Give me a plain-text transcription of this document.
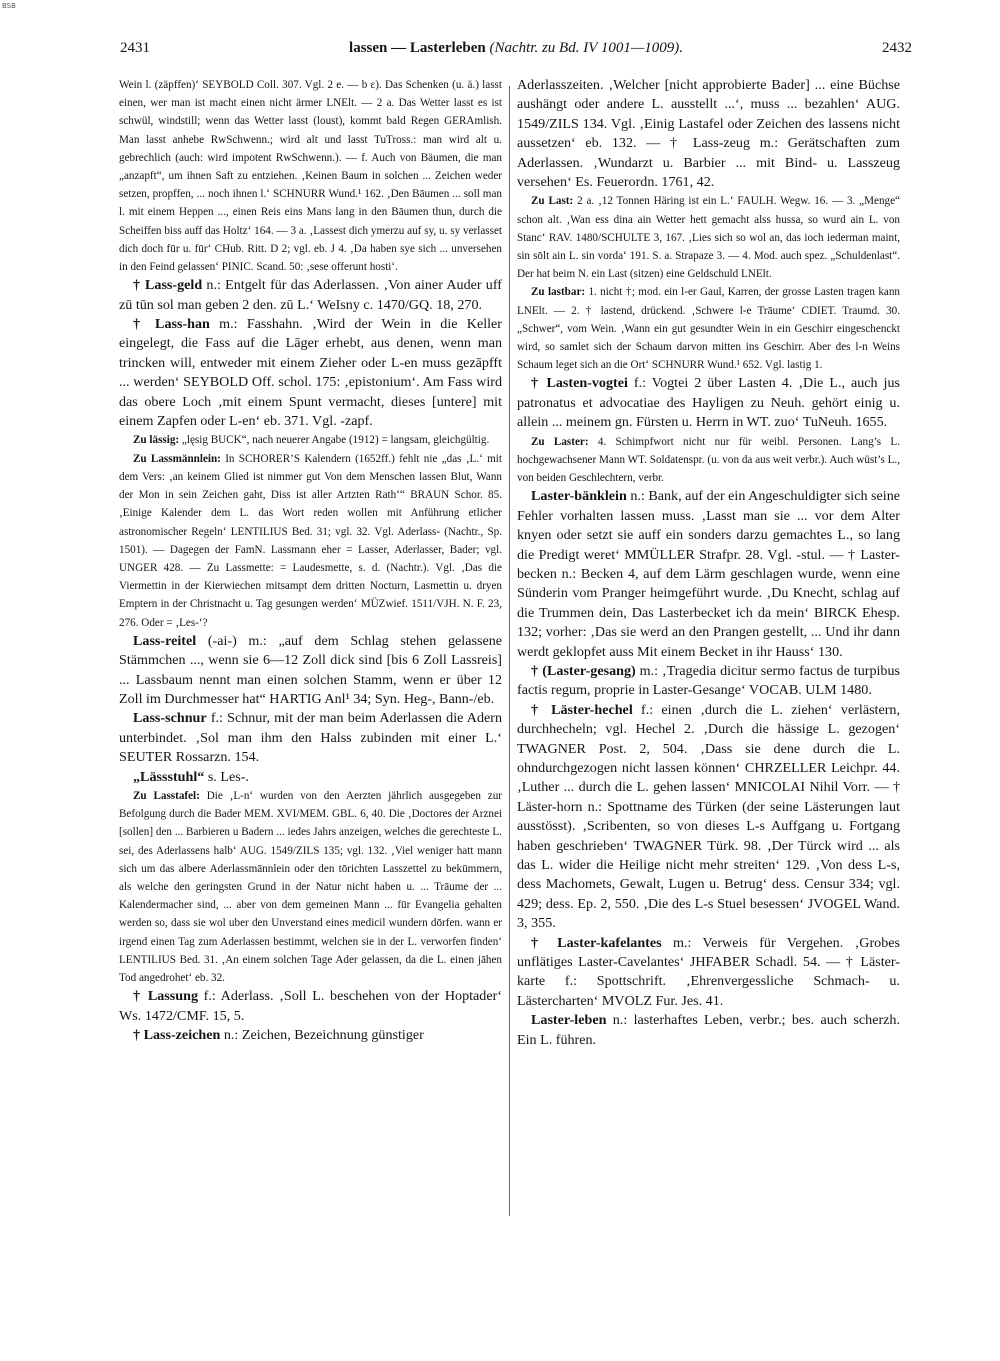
BSB
2431	lassen — Lasterleben (Nachtr. zu Bd. IV 1001—1009).	2432

Wein l. (zäpffen)‘ SEYBOLD Coll. 307. Vgl. 2 e. — b ε). Das Schenken (u. ä.) lasst einen, wer man ist macht einen nicht ärmer LNElt. — 2 a. Das Wetter lasst es ist schwül, windstill; wenn das Wetter lasst (loust), kommt bald Regen GERAmlish. Man lasst anhebe RwSchwenn.; wird alt und lasst TuTross.: man wird alt u. gebrechlich (auch: wird impotent RwSchwenn.). — f. Auch von Bäumen, die man „anzapft“, um ihnen Saft zu entziehen. ‚Keinen Baum in solchen ... Zeichen weder setzen, propffen, ... noch ihnen l.‘ SCHNURR Wund.¹ 162. ‚Den Bāumen ... soll man l. mit einem Heppen ..., einen Reis eins Mans lang in den Bāumen thun, durch die Scheiffen biss auff das Holtz‘ 164. — 3 a. ‚Lassest dich ymerzu auf sy, u. sy verlasset dich doch fūr u. fūr‘ CHub. Ritt. D 2; vgl. eb. J 4. ‚Da haben sye sich ... unversehen in den Feind gelassen‘ PINIC. Scand. 50: ‚sese offerunt hosti‘.

† Lass-geld n.: Entgelt für das Aderlassen. ‚Von ainer Auder uff zū tūn sol man geben 2 den. zū L.‘ WeIsny c. 1470/GQ. 18, 270.

† Lass-han m.: Fasshahn. ‚Wird der Wein in die Keller eingelegt, die Fass auf die Lāger erhebt, aus denen, wenn man trincken will, entweder mit einem Zieher oder L-en muss gezāpfft ... werden‘ SEYBOLD Off. schol. 175: ‚epistonium‘. Am Fass wird das obere Loch ‚mit einem Spunt vermacht, dieses [untere] mit einem Zapfen oder L-en‘ eb. 371. Vgl. -zapf.

Zu lässig: „lęsig BUCK“, nach neuerer Angabe (1912) = langsam, gleichgültig.

Zu Lassmännlein: In SCHORER’S Kalendern (1652ff.) fehlt nie „das ‚L.‘ mit dem Vers: ‚an keinem Glied ist nimmer gut Von dem Menschen lassen Blut, Wann der Mon in sein Zeichen gaht, Diss ist aller Artzten Rath‘“ BRAUN Schor. 85. ‚Einige Kalender dem L. das Wort reden wollen mit Anführung etlicher astronomischer Regeln‘ LENTILIUS Bed. 31; vgl. 32. Vgl. Aderlass- (Nachtr., Sp. 1501). — Dagegen der FamN. Lassmann eher = Lasser, Aderlasser, Bader; vgl. UNGER 428. — Zu Lassmette: = Laudesmette, s. d. (Nachtr.). Vgl. ‚Das die Viermettin in der Kierwiechen mitsampt dem dritten Nocturn, Lasmettin u. dryen Emptern in der Christnacht u. Tag gesungen werden‘ MÜZwief. 1511/VJH. N. F. 23, 276. Oder = ‚Les-‘?

Lass-reitel (-ai-) m.: „auf dem Schlag stehen gelassene Stämmchen ..., wenn sie 6—12 Zoll dick sind [bis 6 Zoll Lassreis] ... Lassbaum nennt man einen solchen Stamm, wenn er über 12 Zoll im Durchmesser hat“ HARTIG Anl¹ 34; Syn. Heg-, Bann-/eb.

Lass-schnur f.: Schnur, mit der man beim Aderlassen die Adern unterbindet. ‚Sol man ihm den Halss zubinden mit einer L.‘ SEUTER Rossarzn. 154.

„Lässstuhl“ s. Les-.

Zu Lasstafel: Die ‚L-n‘ wurden von den Aerzten jährlich ausgegeben zur Befolgung durch die Bader MEM. XVI/MEM. GBL. 6, 40. Die ‚Doctores der Arznei [sollen] den ... Barbieren u Badern ... iedes Jahrs anzeigen, welches die gerechteste L. sei, des Aderlassens halb‘ AUG. 1549/ZILS 135; vgl. 132. ‚Viel weniger hatt mann sich um das albere Aderlassmānnlein oder den tōrichten Lasszettel zu bekūmmern, als welche den geringsten Grund in der Natur nicht haben u. ... Trāume der ... Kalendermacher sind, ... aber von dem gemeinen Mann ... fūr Evangelia gehalten werden so, dass sie wol uber den Unverstand eines medicil wundern dōrfen. wann er irgend einen Tag zum Aderlassen bestimmt, welchen sie in der L. verworfen finden‘ LENTILIUS Bed. 31. ‚An einem solchen Tage Ader gelassen, da die L. einen jāhen Tod angedrohet‘ eb. 32.

† Lassung f.: Aderlass. ‚Soll L. beschehen von der Hoptader‘ Ws. 1472/CMF. 15, 5.

† Lass-zeichen n.: Zeichen, Bezeichnung günstiger

Aderlasszeiten. ‚Welcher [nicht approbierte Bader] ... eine Büchse aushängt oder andere L. ausstellt ...‘, muss ... bezahlen‘ AUG. 1549/ZILS 134. Vgl. ‚Einig Lastafel oder Zeichen des lassens nicht aussetzen‘ eb. 132. — † Lass-zeug m.: Gerätschaften zum Aderlassen. ‚Wundarzt u. Barbier ... mit Bind- u. Lasszeug versehen‘ Es. Feuerordn. 1761, 42.

Zu Last: 2 a. ‚12 Tonnen Häring ist ein L.‘ FAULH. Wegw. 16. — 3. „Menge“ schon alt. ‚Wan ess dina ain Wetter hett gemacht alss hussa, so wurd ain L. von Stanc‘ RAV. 1480/SCHULTE 3, 167. ‚Lies sich so wol an, das ioch iederman maint, sin sōlt ain L. sin vorda‘ 191. S. a. Strapaze 3. — 4. Mod. auch spez. „Schuldenlast“. Der hat beim N. ein Last (sitzen) eine Geldschuld LNElt.

Zu lastbar: 1. nicht †; mod. ein l-er Gaul, Karren, der grosse Lasten tragen kann LNElt. — 2. † lastend, drückend. ‚Schwere l-e Trāume‘ CDIET. Traumd. 30. „Schwer“, vom Wein. ‚Wann ein gut gesundter Wein in ein Geschirr eingeschenckt wird, so samlet sich der Schaum darvon mitten ins Geschirr. Aber des l-n Weins Schaum leget sich an die Ort‘ SCHNURR Wund.¹ 652. Vgl. lastig 1.

† Lasten-vogtei f.: Vogtei 2 über Lasten 4. ‚Die L., auch jus patronatus et advocatiae des Hayligen zu Neuh. gehört einig u. allein ... meinem gn. Fürsten u. Herrn in WT. zuo‘ TuNeuh. 1655.

Zu Laster: 4. Schimpfwort nicht nur für weibl. Personen. Lang’s L. hochgewachsener Mann WT. Soldatenspr. (u. von da aus weit verbr.). Auch wüst’s L., von beiden Geschlechtern, verbr.

Laster-bänklein n.: Bank, auf der ein Angeschuldigter sich seine Fehler vorhalten lassen muss. ‚Lasst man sie ... vor dem Alter knyen oder setzt sie auff ein sonders darzu gemachtes L., so lang die Predigt weret‘ MMÜLLER Strafpr. 28. Vgl. -stul. — † Laster-becken n.: Becken 4, auf dem Lärm geschlagen wurde, wenn eine Sünderin vom Pranger heimgeführt wurde. ‚Du Knecht, schlag auf die Trummen dein, Das Lasterbecket ich da mein‘ BIRCK Ehesp. 132; vorher: ‚Das sie werd an den Prangen gestellt, ... Und ihr dann werdt geklopfet auss Mit einem Becket in ihr Hauss‘ 130.

† (Laster-gesang) m.: ‚Tragedia dicitur sermo factus de turpibus factis regum, proprie in Laster-Gesange‘ VOCAB. ULM 1480.

† Läster-hechel f.: einen ‚durch die L. ziehen‘ verlästern, durchhecheln; vgl. Hechel 2. ‚Durch die hässige L. gezogen‘ TWAGNER Post. 2, 504. ‚Dass sie dene durch die L. ohndurchgezogen nicht lassen können‘ CHRZELLER Leichpr. 44. ‚Luther ... durch die L. gehen lassen‘ MNICOLAI Nihil Vorr. — † Läster-horn n.: Spottname des Türken (der seine Lästerungen laut ausstösst). ‚Scribenten, so von dieses L-s Auffgang u. Fortgang haben geschrieben‘ TWAGNER Türk. 98. ‚Der Türck wird ... als das L. wider die Heilige nicht mehr streiten‘ 129. ‚Von dess L-s, dess Machomets, Gewalt, Lugen u. Betrug‘ dess. Censur 334; vgl. 429; dess. Ep. 2, 550. ‚Die des L-s Stuel besessen‘ JVOGEL Wand. 3, 355.

† Laster-kafelantes m.: Verweis für Vergehen. ‚Grobes unflätiges Laster-Cavelantes‘ JHFABER Schadl. 54. — † Läster-karte f.: Spottschrift. ‚Ehrenvergessliche Schmach- u. Lästercharten‘ MVOLZ Fur. Jes. 41.

Laster-leben n.: lasterhaftes Leben, verbr.; bes. auch scherzh. Ein L. führen.
